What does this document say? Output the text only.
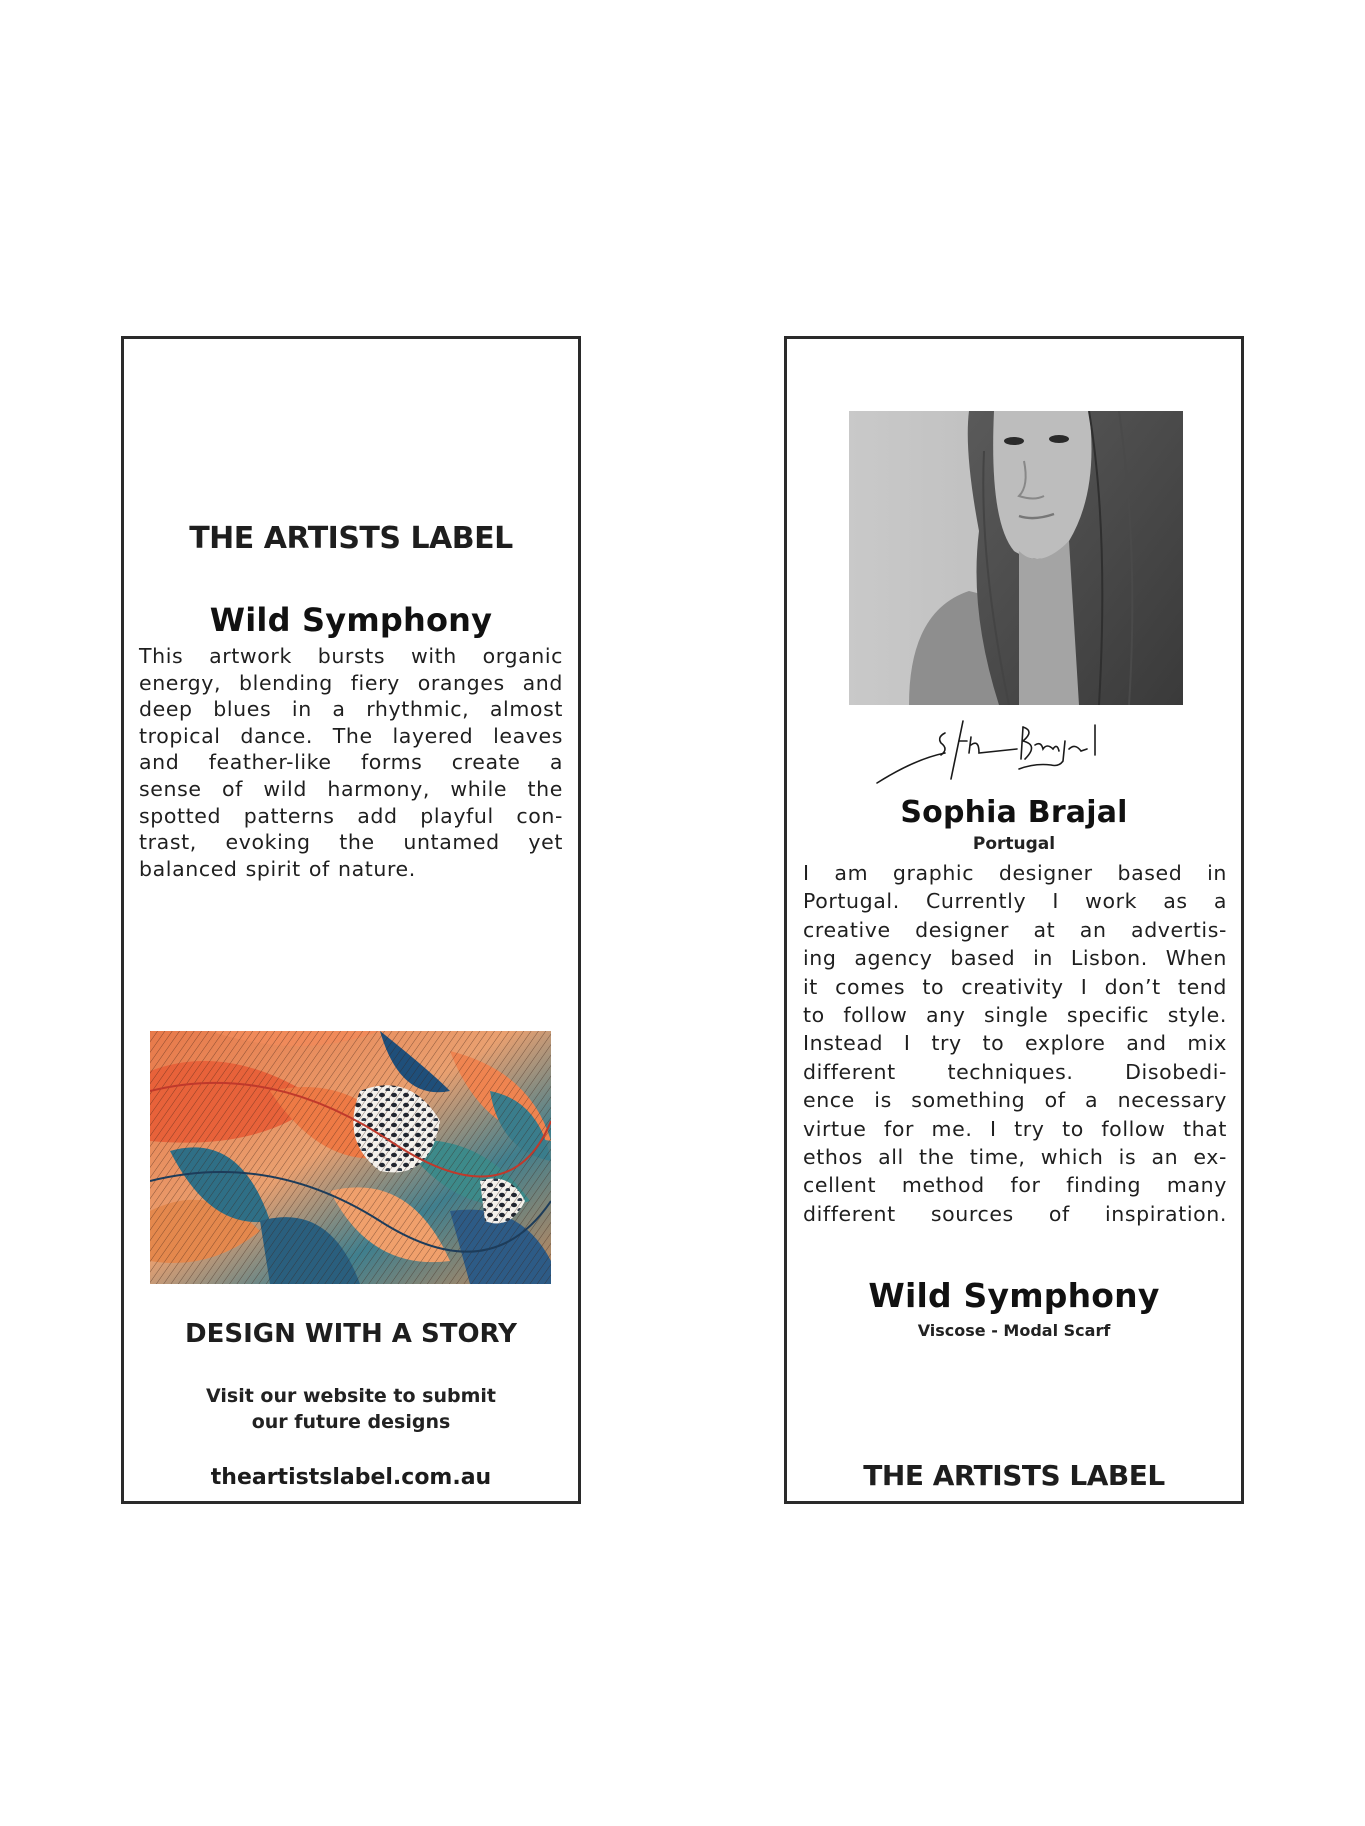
THE ARTISTS LABEL
Wild Symphony
This artwork bursts with organic
energy, blending fiery oranges and
deep blues in a rhythmic, almost
tropical dance. The layered leaves
and feather-like forms create a
sense of wild harmony, while the
spotted patterns add playful con-
trast, evoking the untamed yet
balanced spirit of nature.
DESIGN WITH A STORY
Visit our website to submit
our future designs
theartistslabel.com.au
Sophia Brajal
Portugal
I am graphic designer based in
Portugal. Currently I work as a
creative designer at an advertis-
ing agency based in Lisbon. When
it comes to creativity I don’t tend
to follow any single specific style.
Instead I try to explore and mix
different techniques. Disobedi-
ence is something of a necessary
virtue for me. I try to follow that
ethos all the time, which is an ex-
cellent method for finding many
different sources of inspiration.
Wild Symphony
Viscose - Modal Scarf
THE ARTISTS LABEL
